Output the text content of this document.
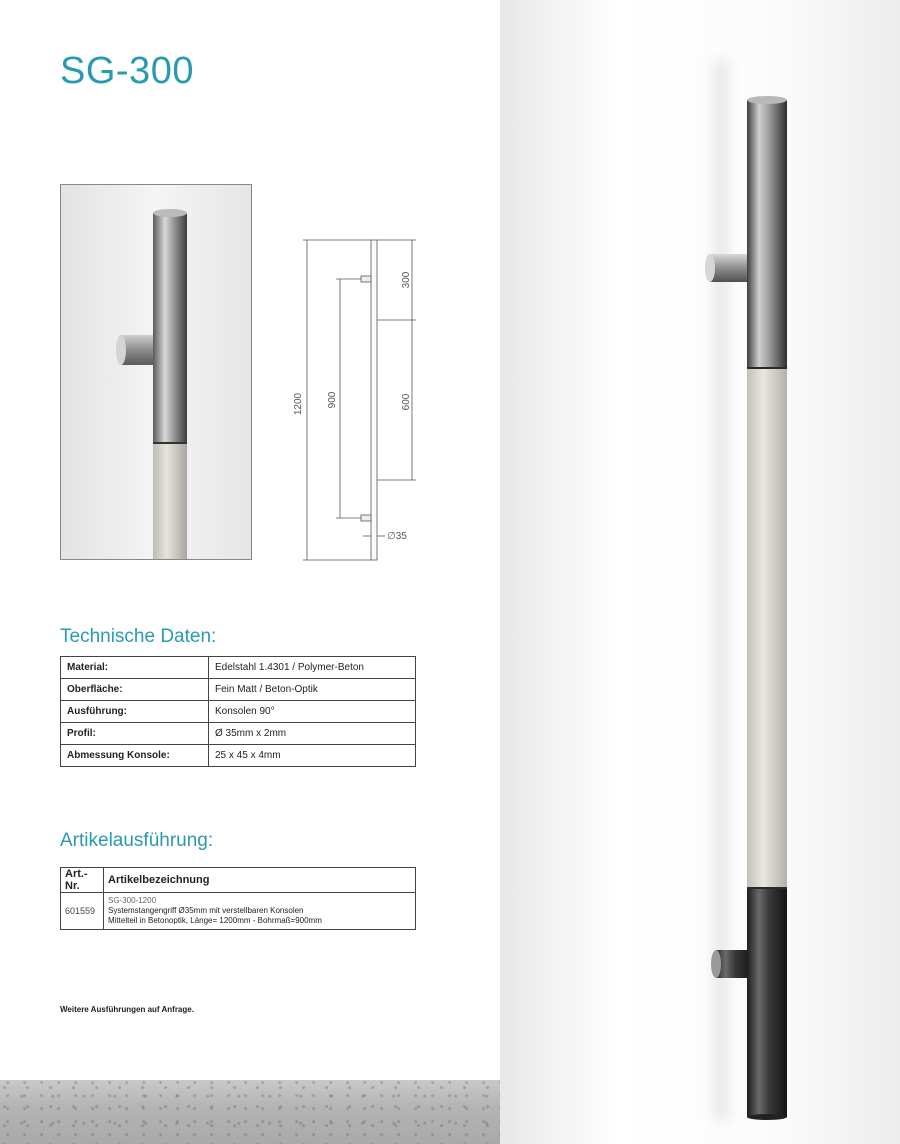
SG-300
1200 900
300
600
∅35
Technische Daten:
Material:	Edelstahl 1.4301 / Polymer-Beton
Oberfläche:	Fein Matt / Beton-Optik
Ausführung:	Konsolen 90°
Profil:	Ø 35mm x 2mm
Abmessung Konsole:	25 x 45 x 4mm
Artikelausführung:
Art.-Nr.	Artikelbezeichnung
601559	SG-300-1200
Systemstangengriff Ø35mm mit verstellbaren Konsolen
Mittelteil in Betonoptik, Länge= 1200mm - Bohrmaß=900mm
Weitere Ausführungen auf Anfrage.
